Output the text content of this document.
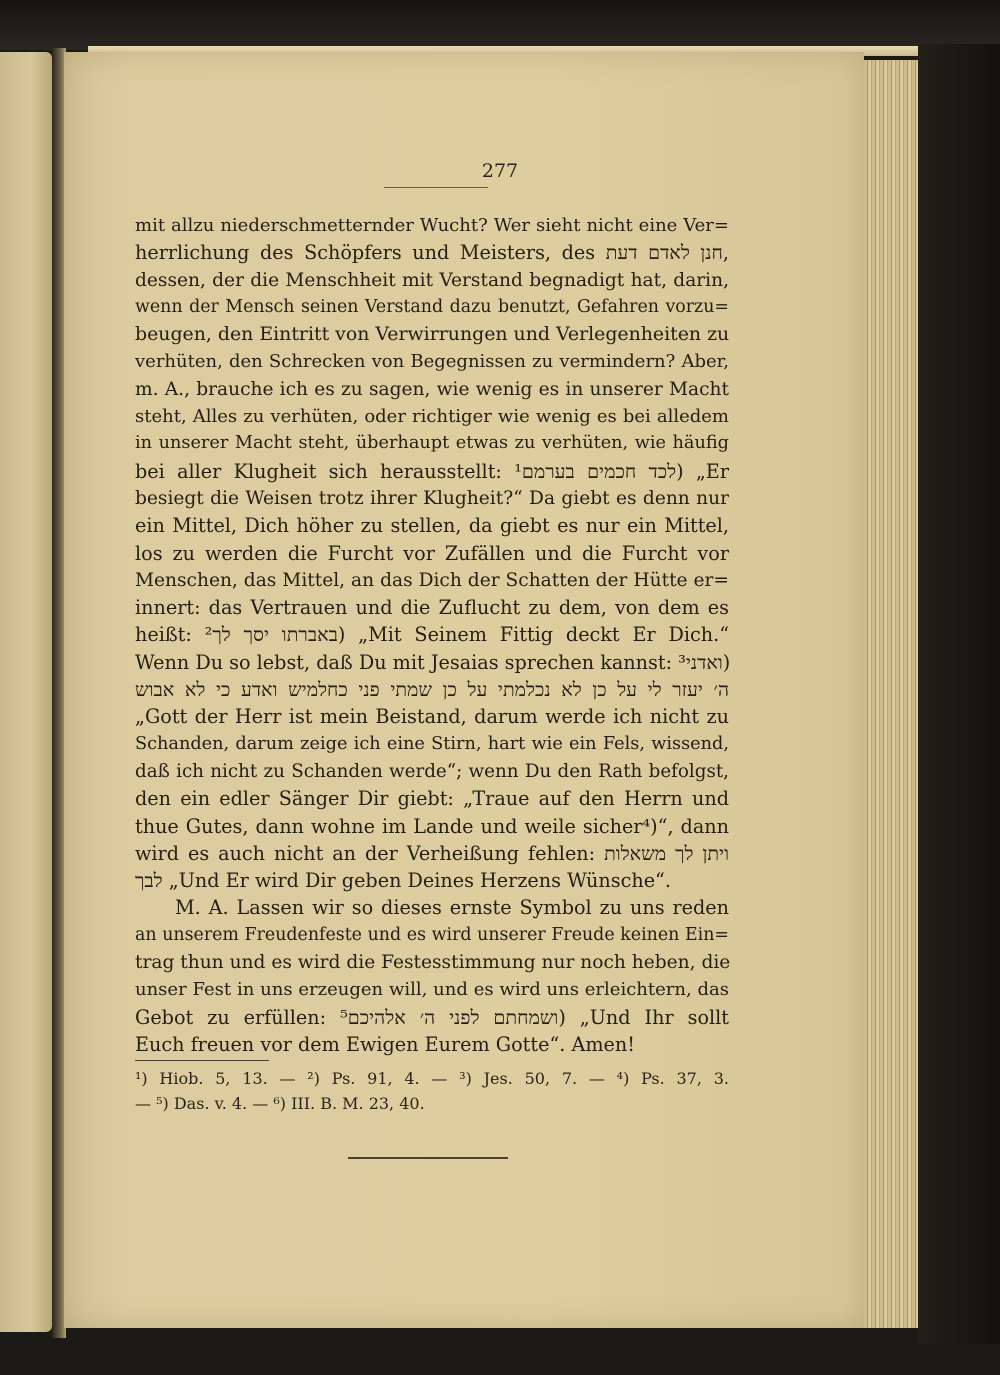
277
mit allzu niederschmetternder Wucht? Wer sieht nicht eine Ver=
herrlichung des Schöpfers und Meisters, des חנן לאדם דעת,
dessen, der die Menschheit mit Verstand begnadigt hat, darin,
wenn der Mensch seinen Verstand dazu benutzt, Gefahren vorzu=
beugen, den Eintritt von Verwirrungen und Verlegenheiten zu
verhüten, den Schrecken von Begegnissen zu vermindern? Aber,
m. A., brauche ich es zu sagen, wie wenig es in unserer Macht
steht, Alles zu verhüten, oder richtiger wie wenig es bei alledem
in unserer Macht steht, überhaupt etwas zu verhüten, wie häufig
bei aller Klugheit sich herausstellt: לכד חכמים בערמם¹) „Er
besiegt die Weisen trotz ihrer Klugheit?“ Da giebt es denn nur
ein Mittel, Dich höher zu stellen, da giebt es nur ein Mittel,
los zu werden die Furcht vor Zufällen und die Furcht vor
Menschen, das Mittel, an das Dich der Schatten der Hütte er=
innert: das Vertrauen und die Zuflucht zu dem, von dem es
heißt: באברתו יסך לך²) „Mit Seinem Fittig deckt Er Dich.“
Wenn Du so lebst, daß Du mit Jesaias sprechen kannst: ואדני³)
ה׳ יעזר לי על כן לא נכלמתי על כן שמתי פני כחלמיש ואדע כי לא אבוש
„Gott der Herr ist mein Beistand, darum werde ich nicht zu
Schanden, darum zeige ich eine Stirn, hart wie ein Fels, wissend,
daß ich nicht zu Schanden werde“; wenn Du den Rath befolgst,
den ein edler Sänger Dir giebt: „Traue auf den Herrn und
thue Gutes, dann wohne im Lande und weile sicher⁴)“, dann
wird es auch nicht an der Verheißung fehlen: ויתן לך משאלות
לבך „Und Er wird Dir geben Deines Herzens Wünsche“.
M. A. Lassen wir so dieses ernste Symbol zu uns reden
an unserem Freudenfeste und es wird unserer Freude keinen Ein=
trag thun und es wird die Festesstimmung nur noch heben, die
unser Fest in uns erzeugen will, und es wird uns erleichtern, das
Gebot zu erfüllen: ושמחתם לפני ה׳ אלהיכם⁵) „Und Ihr sollt
Euch freuen vor dem Ewigen Eurem Gotte“. Amen!
¹) Hiob. 5, 13. — ²) Ps. 91, 4. — ³) Jes. 50, 7. — ⁴) Ps. 37, 3.
— ⁵) Das. v. 4. — ⁶) III. B. M. 23, 40.
